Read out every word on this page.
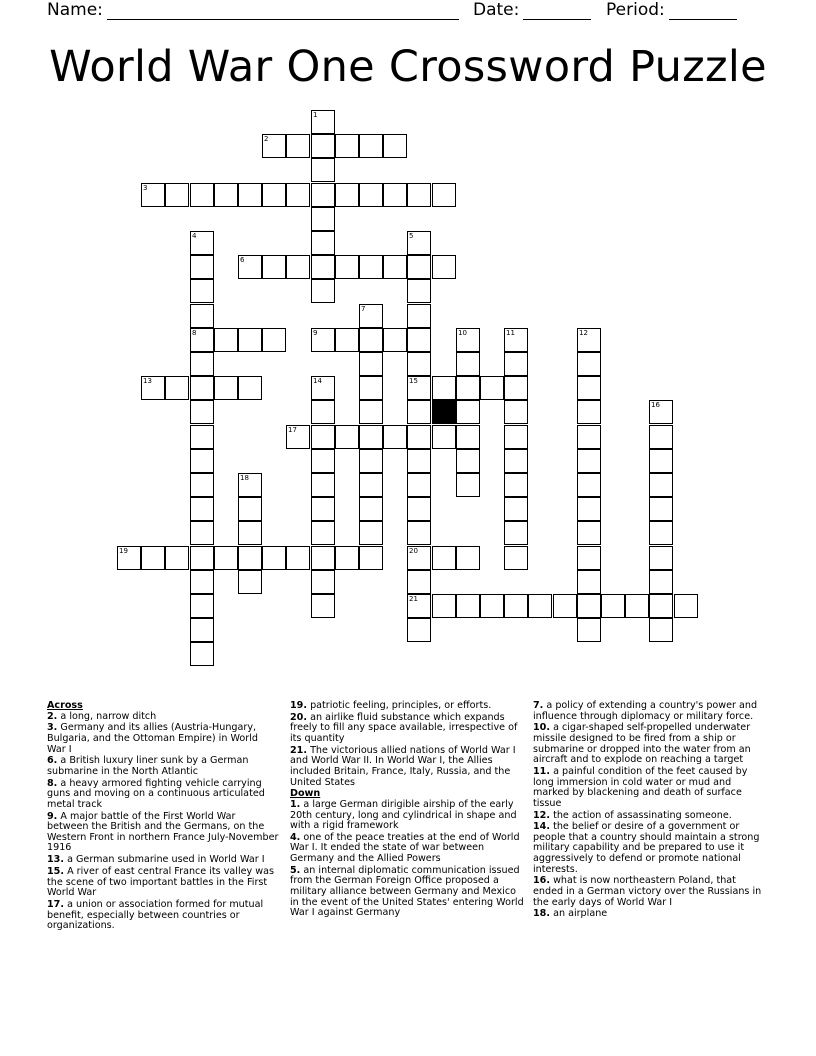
Name:	Date:	Period:
World War One Crossword Puzzle
1
2
3
4
8
5
15
20
21
6
7
9	10	11	12
13	14
16
17
18
19
Across
2. a long, narrow ditch
3. Germany and its allies (Austria-Hungary, Bulgaria, and the Ottoman Empire) in World War I
6. a British luxury liner sunk by a German submarine in the North Atlantic
8. a heavy armored fighting vehicle carrying guns and moving on a continuous articulated metal track
9. A major battle of the First World War between the British and the Germans, on the Western Front in northern France July-November 1916
13. a German submarine used in World War I
15. A river of east central France its valley was the scene of two important battles in the First World War
17. a union or association formed for mutual benefit, especially between countries or organizations.
19. patriotic feeling, principles, or efforts.
20. an airlike fluid substance which expands freely to fill any space available, irrespective of its quantity
21. The victorious allied nations of World War I and World War II. In World War I, the Allies included Britain, France, Italy, Russia, and the United States
Down
1. a large German dirigible airship of the early 20th century, long and cylindrical in shape and with a rigid framework
4. one of the peace treaties at the end of World War I. It ended the state of war between Germany and the Allied Powers
5. an internal diplomatic communication issued from the German Foreign Office proposed a military alliance between Germany and Mexico in the event of the United States' entering World War I against Germany
7. a policy of extending a country's power and influence through diplomacy or military force.
10. a cigar-shaped self-propelled underwater missile designed to be fired from a ship or submarine or dropped into the water from an aircraft and to explode on reaching a target
11. a painful condition of the feet caused by long immersion in cold water or mud and marked by blackening and death of surface tissue
12. the action of assassinating someone.
14. the belief or desire of a government or people that a country should maintain a strong military capability and be prepared to use it aggressively to defend or promote national interests.
16. what is now northeastern Poland, that ended in a German victory over the Russians in the early days of World War I
18. an airplane
